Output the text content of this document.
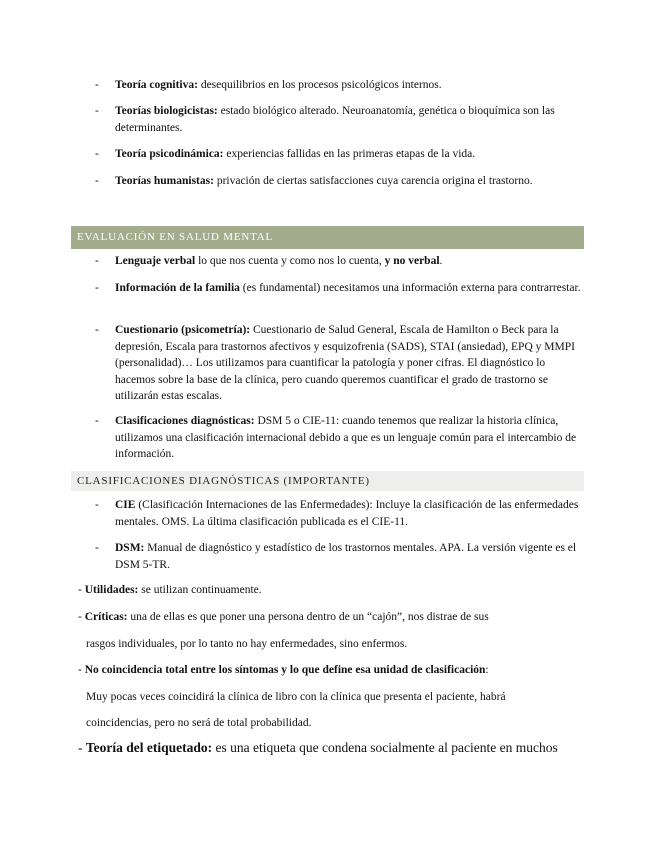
- Teoría cognitiva: desequilibrios en los procesos psicológicos internos.
- Teorías biologicistas: estado biológico alterado. Neuroanatomía, genética o bioquímica son las determinantes.
- Teoría psicodinámica: experiencias fallidas en las primeras etapas de la vida.
- Teorías humanistas: privación de ciertas satisfacciones cuya carencia origina el trastorno.
EVALUACIÓN EN SALUD MENTAL
- Lenguaje verbal lo que nos cuenta y como nos lo cuenta, y no verbal.
- Información de la familia (es fundamental) necesitamos una información externa para contrarrestar.
- Cuestionario (psicometría): Cuestionario de Salud General, Escala de Hamilton o Beck para la depresión, Escala para trastornos afectivos y esquizofrenia (SADS), STAI (ansiedad), EPQ y MMPI (personalidad)… Los utilizamos para cuantificar la patología y poner cifras. El diagnóstico lo hacemos sobre la base de la clínica, pero cuando queremos cuantificar el grado de trastorno se utilizarán estas escalas.
- Clasificaciones diagnósticas: DSM 5 o CIE-11: cuando tenemos que realizar la historia clínica, utilizamos una clasificación internacional debido a que es un lenguaje común para el intercambio de información.
CLASIFICACIONES DIAGNÓSTICAS (IMPORTANTE)
- CIE (Clasificación Internaciones de las Enfermedades): Incluye la clasificación de las enfermedades mentales. OMS. La última clasificación publicada es el CIE-11.
- DSM: Manual de diagnóstico y estadístico de los trastornos mentales. APA. La versión vigente es el DSM 5-TR.
- Utilidades: se utilizan continuamente.
- Críticas: una de ellas es que poner una persona dentro de un “cajón”, nos distrae de sus
rasgos individuales, por lo tanto no hay enfermedades, sino enfermos.
- No coincidencia total entre los síntomas y lo que define esa unidad de clasificación:
Muy pocas veces coincidirá la clínica de libro con la clínica que presenta el paciente, habrá
coincidencias, pero no será de total probabilidad.
- Teoría del etiquetado: es una etiqueta que condena socialmente al paciente en muchos
